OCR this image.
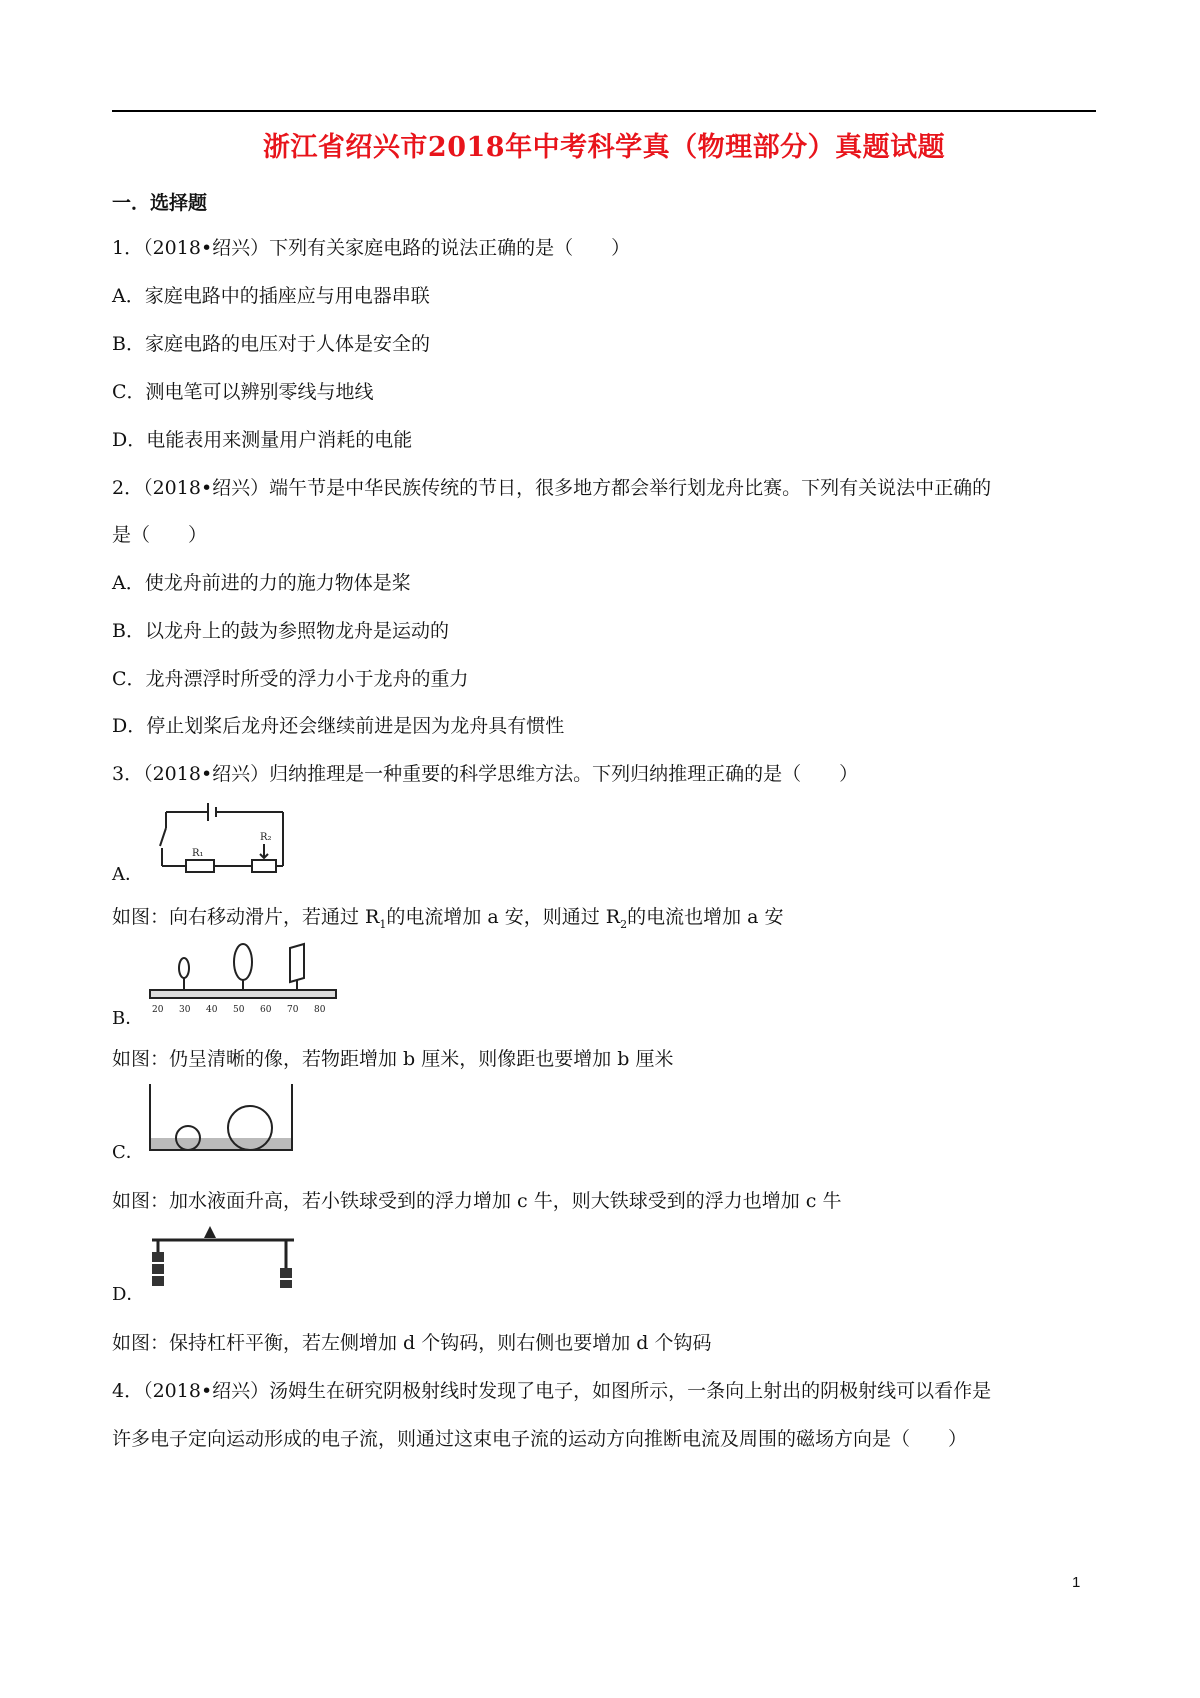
浙江省绍兴市2018年中考科学真（物理部分）真题试题
一．选择题
1．（2018•绍兴）下列有关家庭电路的说法正确的是（　　）
A．家庭电路中的插座应与用电器串联
B．家庭电路的电压对于人体是安全的
C．测电笔可以辨别零线与地线
D．电能表用来测量用户消耗的电能
2．（2018•绍兴）端午节是中华民族传统的节日，很多地方都会举行划龙舟比赛。下列有关说法中正确的
是（　　）
A．使龙舟前进的力的施力物体是桨
B．以龙舟上的鼓为参照物龙舟是运动的
C．龙舟漂浮时所受的浮力小于龙舟的重力
D．停止划桨后龙舟还会继续前进是因为龙舟具有惯性
3．（2018•绍兴）归纳推理是一种重要的科学思维方法。下列归纳推理正确的是（　　）
R₁
R₂
A．
如图：向右移动滑片，若通过 $R_1$的电流增加 a 安，则通过 $R_2$的电流也增加 a 安
20 30 40 50 60 70 80
B．
如图：仍呈清晰的像，若物距增加 b 厘米，则像距也要增加 b 厘米
C．
如图：加水液面升高，若小铁球受到的浮力增加 c 牛，则大铁球受到的浮力也增加 c 牛
D．
如图：保持杠杆平衡，若左侧增加 d 个钩码，则右侧也要增加 d 个钩码
4．（2018•绍兴）汤姆生在研究阴极射线时发现了电子，如图所示，一条向上射出的阴极射线可以看作是
许多电子定向运动形成的电子流，则通过这束电子流的运动方向推断电流及周围的磁场方向是（　　）
1
